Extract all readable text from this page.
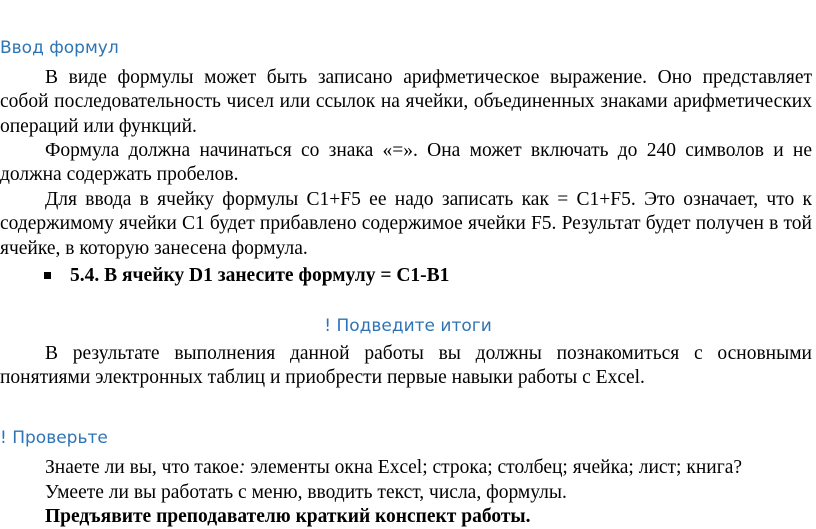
Ввод формул
В виде формулы может быть записано арифметическое выражение. Оно представляет собой последовательность чисел или ссылок на ячейки, объединенных знаками арифметических операций или функций.
Формула должна начинаться со знака «=». Она может включать до 240 символов и не должна содержать пробелов.
Для ввода в ячейку формулы C1+F5 ее надо записать как = C1+F5. Это означает, что к содержимому ячейки С1 будет прибавлено содержимое ячейки F5. Результат будет получен в той ячейке, в которую занесена формула.
5.4. В ячейку D1 занесите формулу = С1-В1
! Подведите итоги
В результате выполнения данной работы вы должны познакомиться с основными понятиями электронных таблиц и приобрести первые навыки работы с Excel.
! Проверьте
Знаете ли вы, что такое: элементы окна Excel; строка; столбец; ячейка; лист; книга?
Умеете ли вы работать с меню, вводить текст, числа, формулы.
Предъявите преподавателю краткий конспект работы.
